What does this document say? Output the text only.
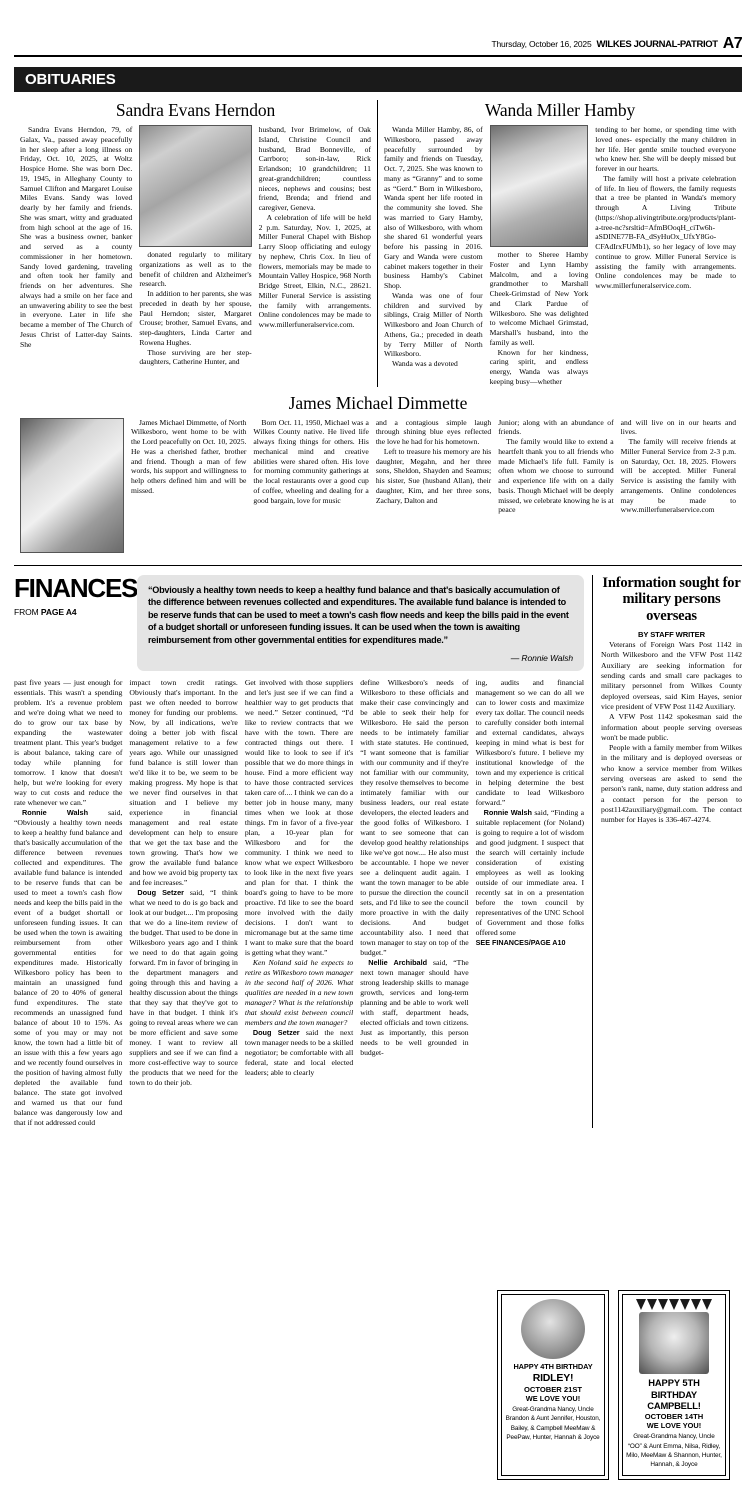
Thursday, October 16, 2025 WILKES JOURNAL-PATRIOT A7
OBITUARIES
Sandra Evans Herndon

Sandra Evans Herndon, 79, of Galax, Va., passed away peacefully in her sleep after a long illness on Friday, Oct. 10, 2025, at Woltz Hospice Home. She was born Dec. 19, 1945, in Alleghany County to Samuel Clifton and Margaret Louise Miles Evans. Sandy was loved dearly by her family and friends. She was smart, witty and graduated from high school at the age of 16. She was a business owner, banker and served as a county commissioner in her hometown. Sandy loved gardening, traveling and often took her family and friends on her adventures. She always had a smile on her face and an unwavering ability to see the best in everyone. Later in life she became a member of The Church of Jesus Christ of Latter-day Saints. She

donated regularly to military organizations as well as to the benefit of children and Alzheimer's research.

In addition to her parents, she was preceded in death by her spouse, Paul Herndon; sister, Margaret Crouse; brother, Samuel Evans, and step-daughters, Linda Carter and Rowena Hughes.

Those surviving are her step-daughters, Catherine Hunter, and

husband, Ivor Brimelow, of Oak Island, Christine Council and husband, Brad Bonneville, of Carrboro; son-in-law, Rick Erlandson; 10 grandchildren; 11 great-grandchildren; countless nieces, nephews and cousins; best friend, Brenda; and friend and caregiver, Geneva.

A celebration of life will be held 2 p.m. Saturday, Nov. 1, 2025, at Miller Funeral Chapel with Bishop Larry Sloop officiating and eulogy by nephew, Chris Cox. In lieu of flowers, memorials may be made to Mountain Valley Hospice, 968 North Bridge Street, Elkin, N.C., 28621. Miller Funeral Service is assisting the family with arrangements. Online condolences may be made to www.millerfuneralservice.com.

Wanda Miller Hamby

Wanda Miller Hamby, 86, of Wilkesboro, passed away peacefully surrounded by family and friends on Tuesday, Oct. 7, 2025. She was known to many as “Granny” and to some as “Gerd.” Born in Wilkesboro, Wanda spent her life rooted in the community she loved. She was married to Gary Hamby, also of Wilkesboro, with whom she shared 61 wonderful years before his passing in 2016. Gary and Wanda were custom cabinet makers together in their business Hamby's Cabinet Shop.

Wanda was one of four children and survived by siblings, Craig Miller of North Wilkesboro and Joan Church of Athens, Ga.; preceded in death by Terry Miller of North Wilkesboro.

Wanda was a devoted

mother to Sheree Hamby Foster and Lynn Hamby Malcolm, and a loving grandmother to Marshall Cheek-Grimstad of New York and Clark Pardue of Wilkesboro. She was delighted to welcome Michael Grimstad, Marshall's husband, into the family as well.

Known for her kindness, caring spirit, and endless energy, Wanda was always keeping busy—whether

tending to her home, or spending time with loved ones- especially the many children in her life. Her gentle smile touched everyone who knew her. She will be deeply missed but forever in our hearts.

The family will host a private celebration of life. In lieu of flowers, the family requests that a tree be planted in Wanda's memory through A Living Tribute (https://shop.alivingtribute.org/products/plant-a-tree-nc?srsltid=AfmBOoqH_ciTw6h-aSDINE77B-FA_dSyHuOx_UfxY8Go-CFAdIrxFUMb1), so her legacy of love may continue to grow. Miller Funeral Service is assisting the family with arrangements. Online condolences may be made to www.millerfuneralservice.com.

James Michael Dimmette

James Michael Dimmette, of North Wilkesboro, went home to be with the Lord peacefully on Oct. 10, 2025. He was a cherished father, brother and friend. Though a man of few words, his support and willingness to help others defined him and will be missed.

Born Oct. 11, 1950, Michael was a Wilkes County native. He lived life always fixing things for others. His mechanical mind and creative abilities were shared often. His love for morning community gatherings at the local restaurants over a good cup of coffee, wheeling and dealing for a good bargain, love for music

and a contagious simple laugh through shining blue eyes reflected the love he had for his hometown.

Left to treasure his memory are his daughter, Megahn, and her three sons, Sheldon, Shayden and Seamus; his sister, Sue (husband Allan), their daughter, Kim, and her three sons, Zachary, Dalton and

Junior; along with an abundance of friends.

The family would like to extend a heartfelt thank you to all friends who made Michael's life full. Family is often whom we choose to surround and experience life with on a daily basis. Though Michael will be deeply missed, we celebrate knowing he is at peace

and will live on in our hearts and lives.

The family will receive friends at Miller Funeral Service from 2-3 p.m. on Saturday, Oct. 18, 2025. Flowers will be accepted. Miller Funeral Service is assisting the family with arrangements. Online condolences may be made to www.millerfuneralservice.com

FINANCES
FROM PAGE A4
“Obviously a healthy town needs to keep a healthy fund balance and that's basically accumulation of the difference between revenues collected and expenditures. The available fund balance is intended to be reserve funds that can be used to meet a town's cash flow needs and keep the bills paid in the event of a budget shortall or unforeseen funding issues. It can be used when the town is awaiting reimbursement from other governmental entities for expenditures made.”
— Ronnie Walsh

past five years — just enough for essentials. This wasn't a spending problem. It's a revenue problem and we're doing what we need to do to grow our tax base by expanding the wastewater treatment plant. This year's budget is about balance, taking care of today while planning for tomorrow. I know that doesn't help, but we're looking for every way to cut costs and reduce the rate whenever we can.”

Ronnie Walsh said, “Obviously a healthy town needs to keep a healthy fund balance and that's basically accumulation of the difference between revenues collected and expenditures. The available fund balance is intended to be reserve funds that can be used to meet a town's cash flow needs and keep the bills paid in the event of a budget shortall or unforeseen funding issues. It can be used when the town is awaiting reimbursement from other governmental entities for expenditures made. Historically Wilkesboro policy has been to maintain an unassigned fund balance of 20 to 40% of general fund expenditures. The state recommends an unassigned fund balance of about 10 to 15%. As some of you may or may not know, the town had a little bit of an issue with this a few years ago and we recently found ourselves in the position of having almost fully depleted the available fund balance. The state got involved and warned us that our fund balance was dangerously low and that if not addressed could

impact town credit ratings. Obviously that's important. In the past we often needed to borrow money for funding our problems. Now, by all indications, we're doing a better job with fiscal management relative to a few years ago. While our unassigned fund balance is still lower than we'd like it to be, we seem to be making progress. My hope is that we never find ourselves in that situation and I believe my experience in financial management and real estate development can help to ensure that we get the tax base and the town growing. That's how we grow the available fund balance and how we avoid big property tax and fee increases.”

Doug Setzer said, “I think what we need to do is go back and look at our budget.... I'm proposing that we do a line-item review of the budget. That used to be done in Wilkesboro years ago and I think we need to do that again going forward. I'm in favor of bringing in the department managers and going through this and having a healthy discussion about the things that they say that they've got to have in that budget. I think it's going to reveal areas where we can be more efficient and save some money. I want to review all suppliers and see if we can find a more cost-effective way to source the products that we need for the town to do their job.

Get involved with those suppliers and let's just see if we can find a healthier way to get products that we need.” Setzer continued, “I'd like to review contracts that we have with the town. There are contracted things out there. I would like to look to see if it's possible that we do more things in house. Find a more efficient way to have those contracted services taken care of.... I think we can do a better job in house many, many times when we look at those things. I'm in favor of a five-year plan, a 10-year plan for Wilkesboro and for the community. I think we need to know what we expect Wilkesboro to look like in the next five years and plan for that. I think the board's going to have to be more proactive. I'd like to see the board more involved with the daily decisions. I don't want to micromanage but at the same time I want to make sure that the board is getting what they want.”

Ken Noland said he expects to retire as Wilkesboro town manager in the second half of 2026. What qualities are needed in a new town manager? What is the relationship that should exist between council members and the town manager?

Doug Setzer said the next town manager needs to be a skilled negotiator; be comfortable with all federal, state and local elected leaders; able to clearly

define Wilkesboro's needs of Wilkesboro to these officials and make their case convincingly and be able to seek their help for Wilkesboro. He said the person needs to be intimately familiar with state statutes. He continued, “I want someone that is familiar with our community and if they're not familiar with our community, they resolve themselves to become intimately familiar with our business leaders, our real estate developers, the elected leaders and the good folks of Wilkesboro. I want to see someone that can develop good healthy relationships like we've got now.... He also must be accountable. I hope we never see a delinquent audit again. I want the town manager to be able to pursue the direction the council sets, and I'd like to see the council more proactive in with the daily decisions. And budget accountability also. I need that town manager to stay on top of the budget.”

Nellie Archibald said, “The next town manager should have strong leadership skills to manage growth, services and long-term planning and be able to work well with staff, department heads, elected officials and town citizens. Just as importantly, this person needs to be well grounded in budget-

ing, audits and financial management so we can do all we can to lower costs and maximize every tax dollar. The council needs to carefully consider both internal and external candidates, always keeping in mind what is best for Wilkesboro's future. I believe my institutional knowledge of the town and my experience is critical in helping determine the best candidate to lead Wilkesboro forward.”

Ronnie Walsh said, “Finding a suitable replacement (for Noland) is going to require a lot of wisdom and good judgment. I suspect that the search will certainly include consideration of existing employees as well as looking outside of our immediate area. I recently sat in on a presentation before the town council by representatives of the UNC School of Government and those folks offered some

SEE FINANCES/PAGE A10

Information sought for military persons overseas
BY STAFF WRITER

Veterans of Foreign Wars Post 1142 in North Wilkesboro and the VFW Post 1142 Auxiliary are seeking information for sending cards and small care packages to military personnel from Wilkes County deployed overseas, said Kim Hayes, senior vice president of VFW Post 1142 Auxiliary.

A VFW Post 1142 spokesman said the information about people serving overseas won't be made public.

People with a family member from Wilkes in the military and is deployed overseas or who know a service member from Wilkes serving overseas are asked to send the person's rank, name, duty station address and a contact person for the person to post1142auxiliary@gmail.com. The contact number for Hayes is 336-467-4274.

HAPPY 4TH BIRTHDAY
RIDLEY!
OCTOBER 21ST
WE LOVE YOU!
Great-Grandma Nancy, Uncle Brandon & Aunt Jennifer, Houston, Bailey, & Campbell MeeMaw & PeePaw, Hunter, Hannah & Joyce
HAPPY 5TH
BIRTHDAY CAMPBELL!
OCTOBER 14TH
WE LOVE YOU!
Great-Grandma Nancy, Uncle “OO” & Aunt Emma, Nilsa, Ridley, Milo, MeeMaw & Shannon, Hunter, Hannah, & Joyce
